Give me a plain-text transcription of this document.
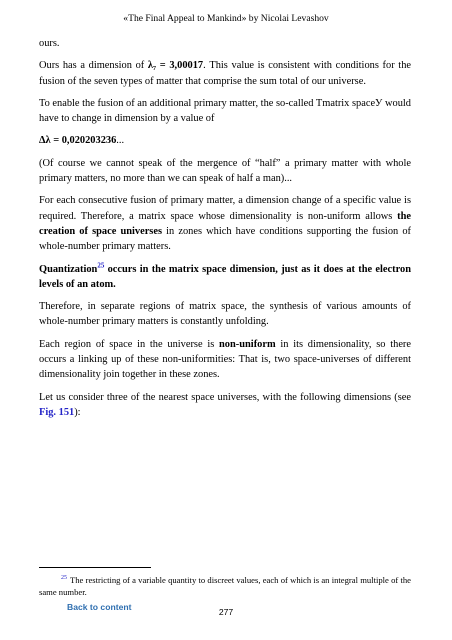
«The Final Appeal to Mankind» by Nicolai Levashov

ours.

Ours has a dimension of λ₇ = 3,00017. This value is consistent with conditions for the fusion of the seven types of matter that comprise the sum total of our universe.

To enable the fusion of an additional primary matter, the so-called Tmatrix spaceУ would have to change in dimension by a value of

Δλ = 0,020203236...

(Of course we cannot speak of the mergence of “half” a primary matter with whole primary matters, no more than we can speak of half a man)...

For each consecutive fusion of primary matter, a dimension change of a specific value is required. Therefore, a matrix space whose dimensionality is non-uniform allows the creation of space universes in zones which have conditions supporting the fusion of whole-number primary matters.

Quantization$^{25}$ occurs in the matrix space dimension, just as it does at the electron levels of an atom.

Therefore, in separate regions of matrix space, the synthesis of various amounts of whole-number primary matters is constantly unfolding.

Each region of space in the universe is non-uniform in its dimensionality, so there occurs a linking up of these non-uniformities: That is, two space-universes of different dimensionality join together in these zones.

Let us consider three of the nearest space universes, with the following dimensions (see Fig. 151):

$^{25}$ The restricting of a variable quantity to discreet values, each of which is an integral multiple of the same number.
Back to content	277
